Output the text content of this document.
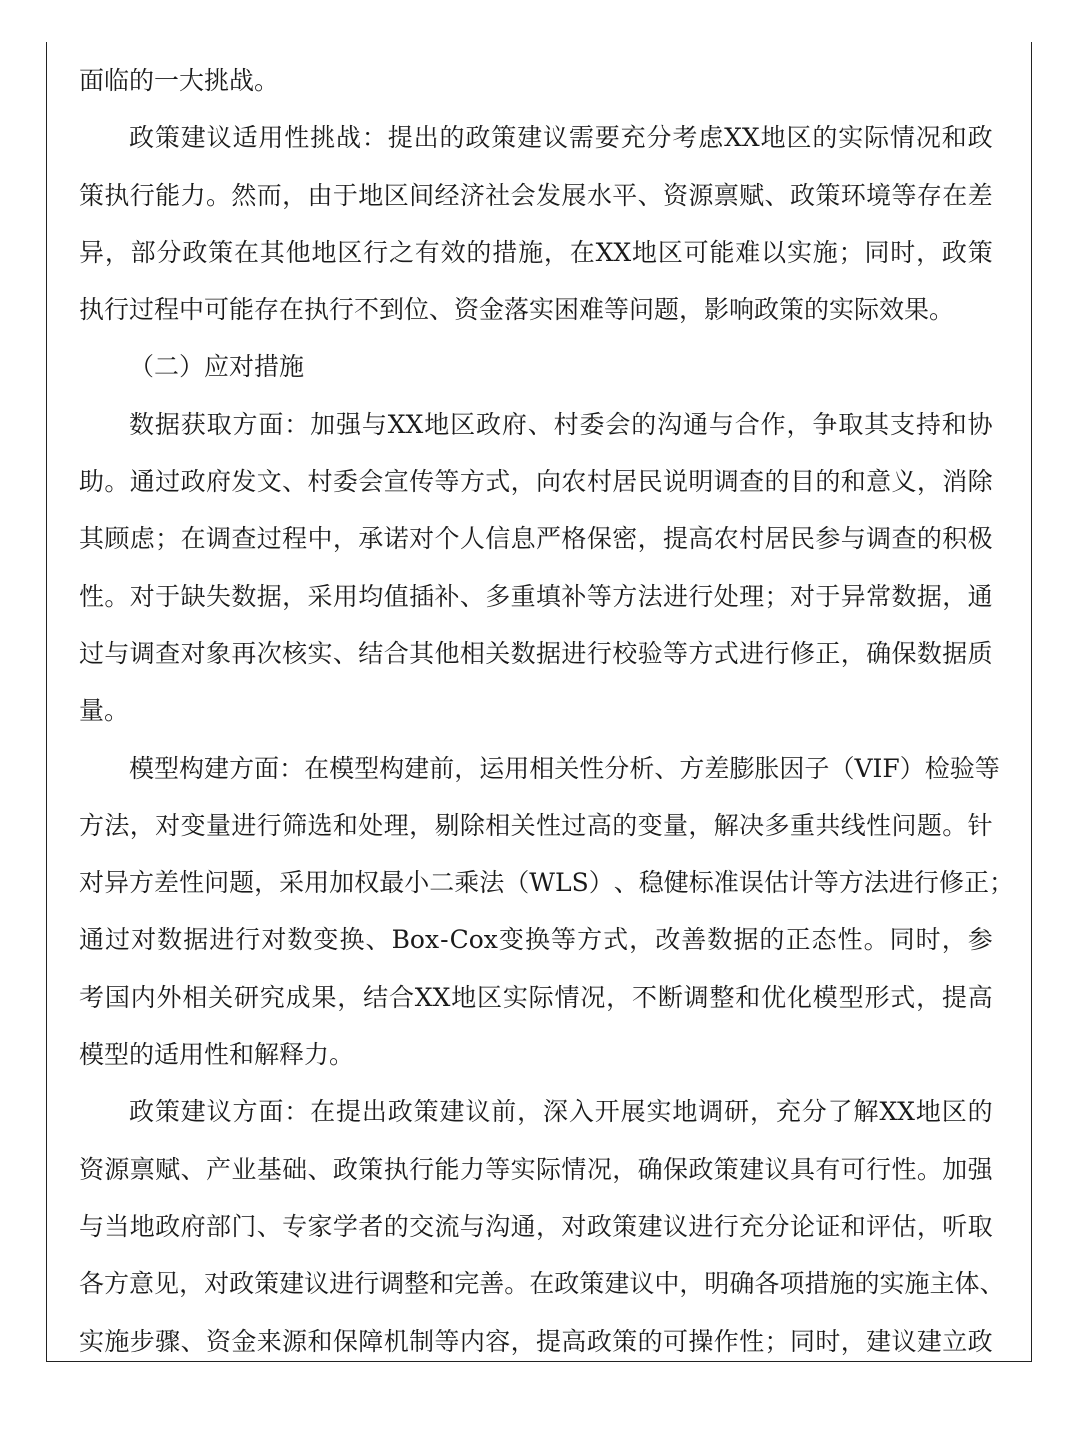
面临的一大挑战。
政 策 建 议 适 用 性 挑 战 ： 提 出 的 政 策 建 议 需 要 充 分 考 虑 XX 地 区 的 实 际 情 况 和 政
策 执 行 能 力 。 然 而 ， 由 于 地 区 间 经 济 社 会 发 展 水 平 、 资 源 禀 赋 、 政 策 环 境 等 存 在 差
异 ， 部 分 政 策 在 其 他 地 区 行 之 有 效 的 措 施 ， 在 XX 地 区 可 能 难 以 实 施 ； 同 时 ， 政 策
执行过程中可能存在执行不到位、资金落实困难等问题，影响政策的实际效果。
（二）应对措施
数 据 获 取 方 面 ： 加 强 与 XX 地 区 政 府 、 村 委 会 的 沟 通 与 合 作 ， 争 取 其 支 持 和 协
助 。 通 过 政 府 发 文 、 村 委 会 宣 传 等 方 式 ， 向 农 村 居 民 说 明 调 查 的 目 的 和 意 义 ， 消 除
其 顾 虑 ； 在 调 查 过 程 中 ， 承 诺 对 个 人 信 息 严 格 保 密 ， 提 高 农 村 居 民 参 与 调 查 的 积 极
性 。 对 于 缺 失 数 据 ， 采 用 均 值 插 补 、 多 重 填 补 等 方 法 进 行 处 理 ； 对 于 异 常 数 据 ， 通
过 与 调 查 对 象 再 次 核 实 、 结 合 其 他 相 关 数 据 进 行 校 验 等 方 式 进 行 修 正 ， 确 保 数 据 质
量。
模 型 构 建 方 面 ： 在 模 型 构 建 前 ， 运 用 相 关 性 分 析 、 方 差 膨 胀 因 子 （ VIF ） 检 验 等
方 法 ， 对 变 量 进 行 筛 选 和 处 理 ， 剔 除 相 关 性 过 高 的 变 量 ， 解 决 多 重 共 线 性 问 题 。 针
对 异 方 差 性 问 题 ， 采 用 加 权 最 小 二 乘 法 （ WLS ） 、 稳 健 标 准 误 估 计 等 方 法 进 行 修 正 ；
通 过 对 数 据 进 行 对 数 变 换 、 Box - Cox 变 换 等 方 式 ， 改 善 数 据 的 正 态 性 。 同 时 ， 参
考 国 内 外 相 关 研 究 成 果 ， 结 合 XX 地 区 实 际 情 况 ， 不 断 调 整 和 优 化 模 型 形 式 ， 提 高
模型的适用性和解释力。
政 策 建 议 方 面 ： 在 提 出 政 策 建 议 前 ， 深 入 开 展 实 地 调 研 ， 充 分 了 解 XX 地 区 的
资 源 禀 赋 、 产 业 基 础 、 政 策 执 行 能 力 等 实 际 情 况 ， 确 保 政 策 建 议 具 有 可 行 性 。 加 强
与 当 地 政 府 部 门 、 专 家 学 者 的 交 流 与 沟 通 ， 对 政 策 建 议 进 行 充 分 论 证 和 评 估 ， 听 取
各 方 意 见 ， 对 政 策 建 议 进 行 调 整 和 完 善 。 在 政 策 建 议 中 ， 明 确 各 项 措 施 的 实 施 主 体 、
实 施 步 骤 、 资 金 来 源 和 保 障 机 制 等 内 容 ， 提 高 政 策 的 可 操 作 性 ； 同 时 ， 建 议 建 立 政
